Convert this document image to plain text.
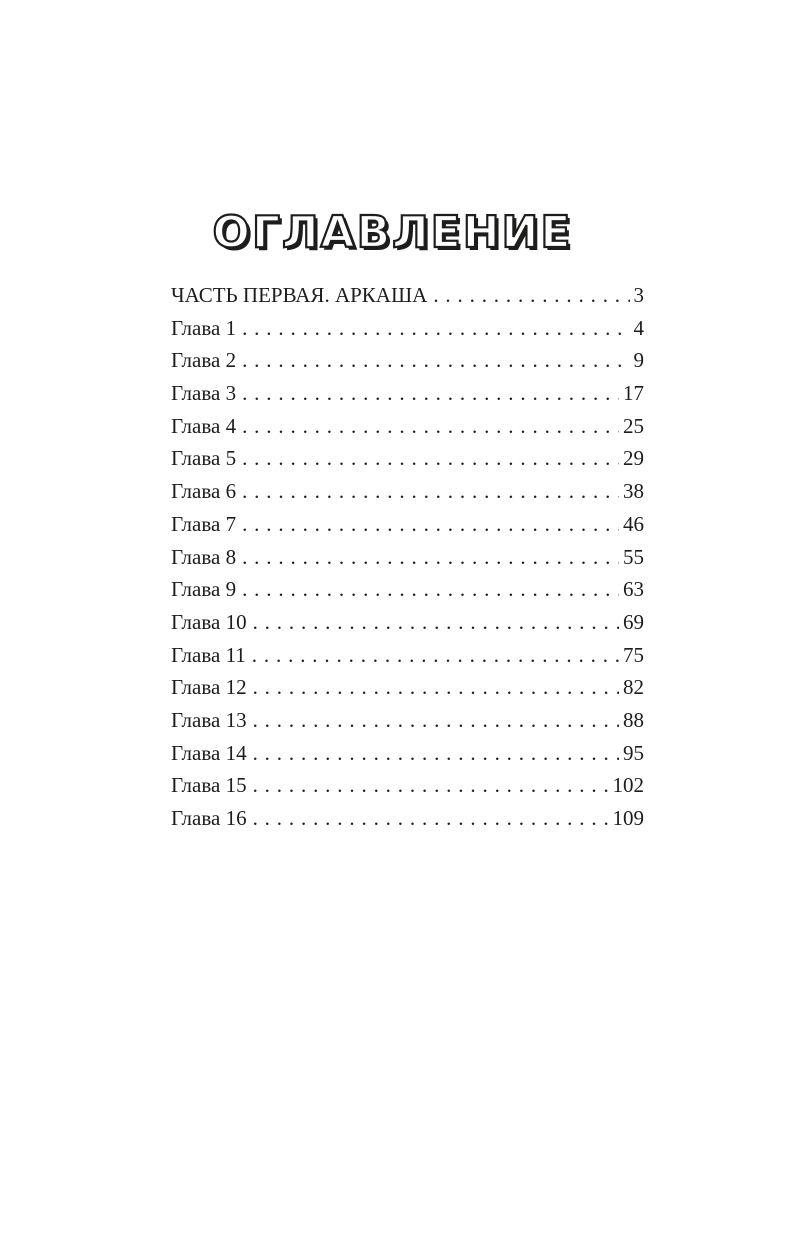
ОГЛАВЛЕНИЕ
ЧАСТЬ ПЕРВАЯ. АРКАША . . .	3
Глава 1 . . .	4
Глава 2 . . .	9
Глава 3 . . .	17
Глава 4 . . .	25
Глава 5 . . .	29
Глава 6 . . .	38
Глава 7 . . .	46
Глава 8 . . .	55
Глава 9 . . .	63
Глава 10 . . .	69
Глава 11 . . .	75
Глава 12 . . .	82
Глава 13 . . .	88
Глава 14 . . .	95
Глава 15 . . .	102
Глава 16 . . .	109
